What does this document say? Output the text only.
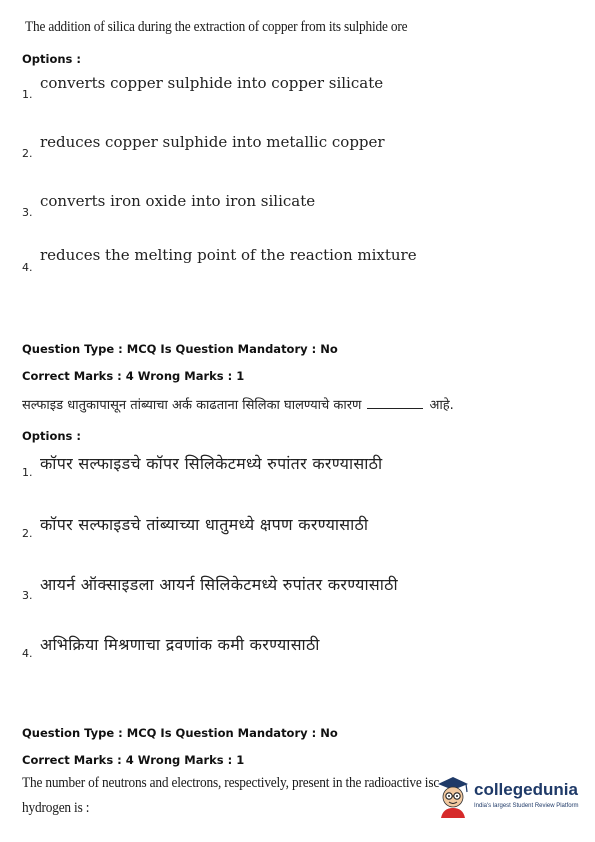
The addition of silica during the extraction of copper from its sulphide ore
Options :
1.
converts copper sulphide into copper silicate
2.
reduces copper sulphide into metallic copper
3.
converts iron oxide into iron silicate
4.
reduces the melting point of the reaction mixture
Question Type : MCQ Is Question Mandatory : No
Correct Marks : 4 Wrong Marks : 1
सल्फाइड धातुकापासून तांब्याचा अर्क काढताना सिलिका घालण्याचे कारण	आहे.
Options :
1. कॉपर सल्फाइडचे कॉपर सिलिकेटमध्ये रुपांतर करण्यासाठी
2. कॉपर सल्फाइडचे तांब्याच्या धातुमध्ये क्षपण करण्यासाठी
3.
आयर्न ऑक्साइडला आयर्न सिलिकेटमध्ये रुपांतर करण्यासाठी
4. अभिक्रिया मिश्रणाचा द्रवणांक कमी करण्यासाठी
Question Type : MCQ Is Question Mandatory : No
Correct Marks : 4 Wrong Marks : 1
The number of neutrons and electrons, respectively, present in the radioactive isc
hydrogen is :
collegedunia
India's largest Student Review Platform
